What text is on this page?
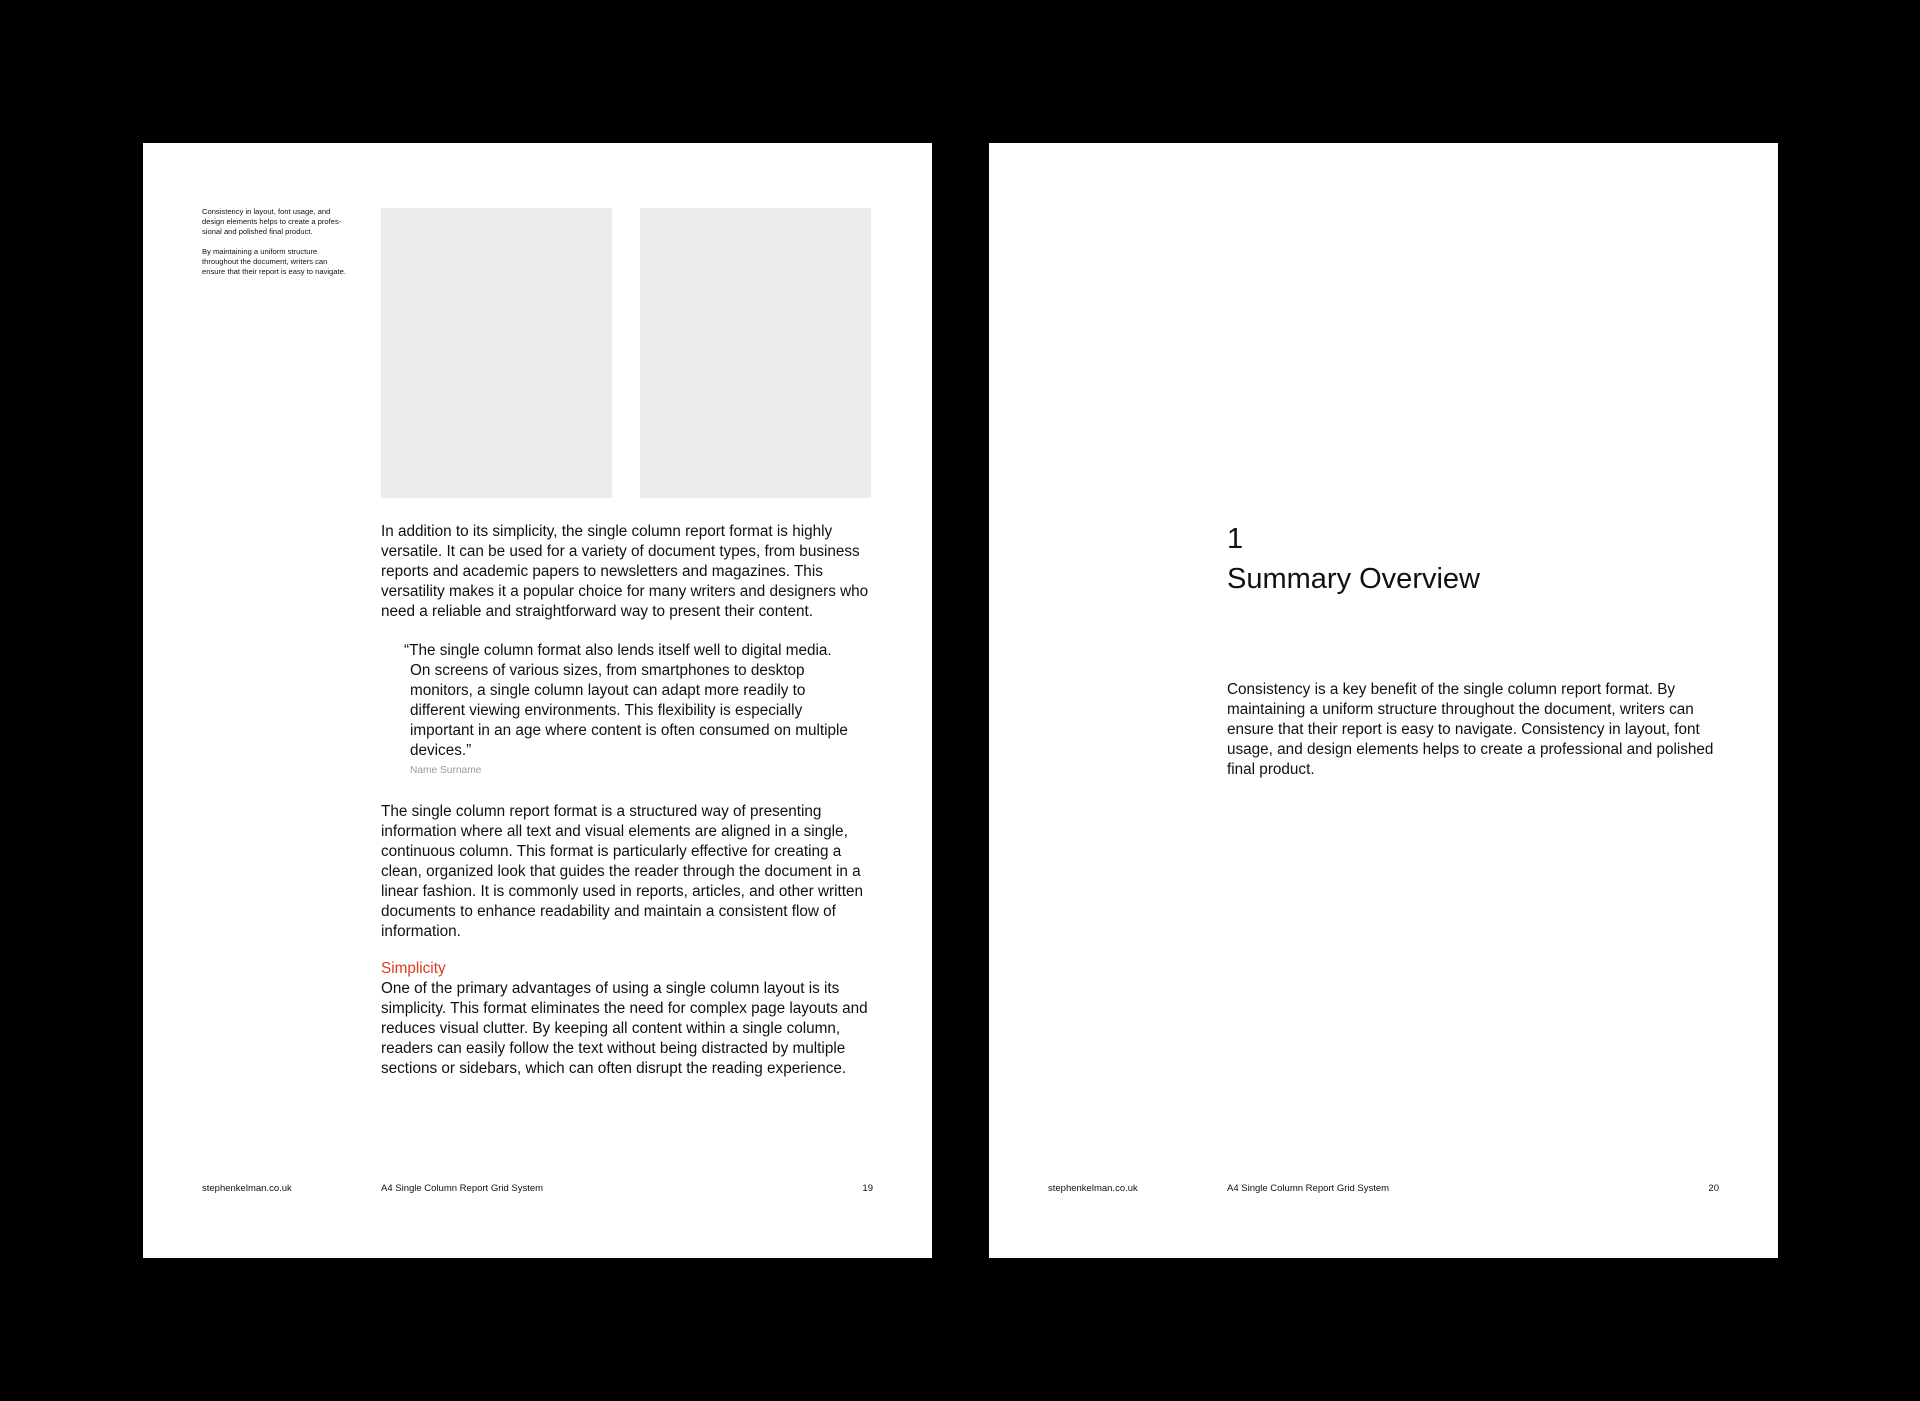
Consistency in layout, font usage, and design elements helps to create a profes-sional and polished final product.

By maintaining a uniform structure throughout the document, writers can ensure that their report is easy to navigate.

In addition to its simplicity, the single column report format is highly versatile. It can be used for a variety of document types, from business reports and academic papers to newsletters and magazines. This versatility makes it a popular choice for many writers and designers who need a reliable and straightforward way to present their content.

“The single column format also lends itself well to digital media. On screens of various sizes, from smartphones to desktop monitors, a single column layout can adapt more readily to different viewing environments. This flexibility is especially important in an age where content is often consumed on multiple devices.”

Name Surname

The single column report format is a structured way of presenting information where all text and visual elements are aligned in a single, continuous column. This format is particularly effective for creating a clean, organized look that guides the reader through the document in a linear fashion. It is commonly used in reports, articles, and other written documents to enhance readability and maintain a consistent flow of information.

Simplicity

One of the primary advantages of using a single column layout is its simplicity. This format eliminates the need for complex page layouts and reduces visual clutter. By keeping all content within a single column, readers can easily follow the text without being distracted by multiple sections or sidebars, which can often disrupt the reading experience.

stephenkelman.co.uk	A4 Single Column Report Grid System	19
1
Summary Overview

Consistency is a key benefit of the single column report format. By maintaining a uniform structure throughout the document, writers can ensure that their report is easy to navigate. Consistency in layout, font usage, and design elements helps to create a professional and polished final product.

stephenkelman.co.uk	A4 Single Column Report Grid System	20
